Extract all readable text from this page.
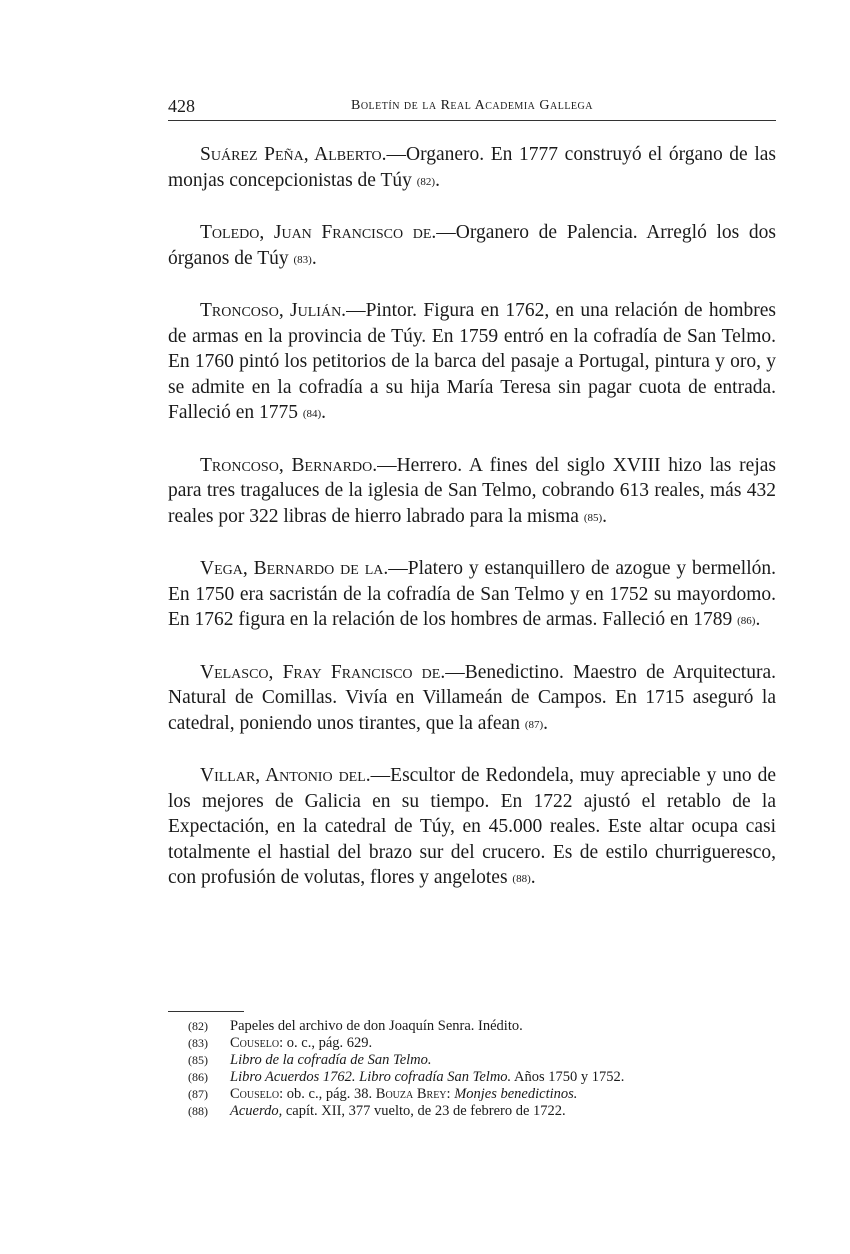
428	Boletín de la Real Academia Gallega

Suárez Peña, Alberto.—Organero. En 1777 construyó el órgano de las monjas concepcionistas de Túy (82).

Toledo, Juan Francisco de.—Organero de Palencia. Arregló los dos órganos de Túy (83).

Troncoso, Julián.—Pintor. Figura en 1762, en una relación de hombres de armas en la provincia de Túy. En 1759 entró en la cofradía de San Telmo. En 1760 pintó los petitorios de la barca del pasaje a Portugal, pintura y oro, y se admite en la cofradía a su hija María Teresa sin pagar cuota de entrada. Falleció en 1775 (84).

Troncoso, Bernardo.—Herrero. A fines del siglo XVIII hizo las rejas para tres tragaluces de la iglesia de San Telmo, cobrando 613 reales, más 432 reales por 322 libras de hierro labrado para la misma (85).

Vega, Bernardo de la.—Platero y estanquillero de azogue y bermellón. En 1750 era sacristán de la cofradía de San Telmo y en 1752 su mayordomo. En 1762 figura en la relación de los hombres de armas. Falleció en 1789 (86).

Velasco, Fray Francisco de.—Benedictino. Maestro de Arquitectura. Natural de Comillas. Vivía en Villameán de Campos. En 1715 aseguró la catedral, poniendo unos tirantes, que la afean (87).

Villar, Antonio del.—Escultor de Redondela, muy apreciable y uno de los mejores de Galicia en su tiempo. En 1722 ajustó el retablo de la Expectación, en la catedral de Túy, en 45.000 reales. Este altar ocupa casi totalmente el hastial del brazo sur del crucero. Es de estilo churrigueresco, con profusión de volutas, flores y angelotes (88).

(82) Papeles del archivo de don Joaquín Senra. Inédito.
(83) Couselo: o. c., pág. 629.
(85) Libro de la cofradía de San Telmo.
(86) Libro Acuerdos 1762. Libro cofradía San Telmo. Años 1750 y 1752.
(87) Couselo: ob. c., pág. 38. Bouza Brey: Monjes benedictinos.
(88) Acuerdo, capít. XII, 377 vuelto, de 23 de febrero de 1722.
